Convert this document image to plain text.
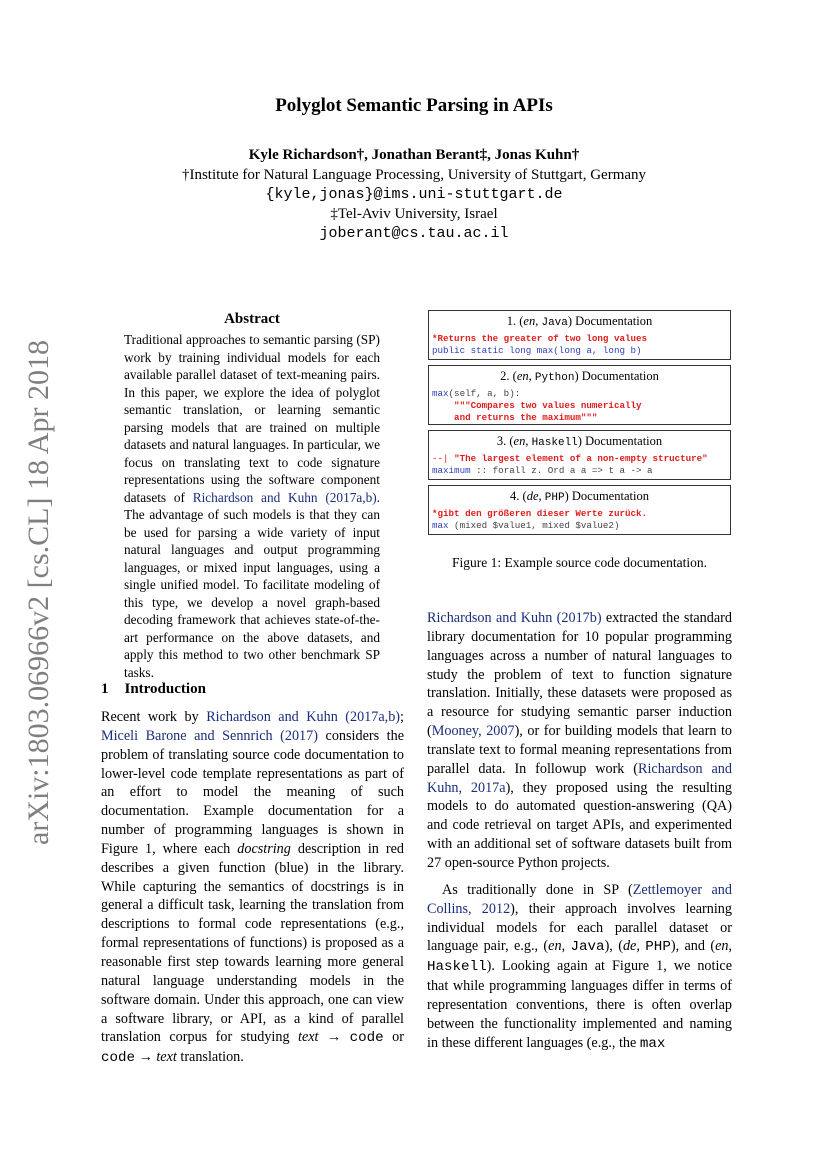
arXiv:1803.06966v2 [cs.CL] 18 Apr 2018
Polyglot Semantic Parsing in APIs
Kyle Richardson†, Jonathan Berant‡, Jonas Kuhn†
†Institute for Natural Language Processing, University of Stuttgart, Germany
{kyle,jonas}@ims.uni-stuttgart.de
‡Tel-Aviv University, Israel
joberant@cs.tau.ac.il
Abstract

Traditional approaches to semantic parsing (SP) work by training individual models for each available parallel dataset of text-meaning pairs. In this paper, we explore the idea of polyglot semantic translation, or learning semantic parsing models that are trained on multiple datasets and natural languages. In particular, we focus on translating text to code signature representations using the software component datasets of Richardson and Kuhn (2017a,b). The advantage of such models is that they can be used for parsing a wide variety of input natural languages and output programming languages, or mixed input languages, using a single unified model. To facilitate modeling of this type, we develop a novel graph-based decoding framework that achieves state-of-the-art performance on the above datasets, and apply this method to two other benchmark SP tasks.

1 Introduction

Recent work by Richardson and Kuhn (2017a,b); Miceli Barone and Sennrich (2017) considers the problem of translating source code documentation to lower-level code template representations as part of an effort to model the meaning of such documentation. Example documentation for a number of programming languages is shown in Figure 1, where each docstring description in red describes a given function (blue) in the library. While capturing the semantics of docstrings is in general a difficult task, learning the translation from descriptions to formal code representations (e.g., formal representations of functions) is proposed as a reasonable first step towards learning more general natural language understanding models in the software domain. Under this approach, one can view a software library, or API, as a kind of parallel translation corpus for studying text → code or code → text translation.

1. (en, Java) Documentation
*Returns the greater of two long values
public static long max(long a, long b)
2. (en, Python) Documentation
max(self, a, b):
"""Compares two values numerically
and returns the maximum"""
3. (en, Haskell) Documentation
--| "The largest element of a non-empty structure"
maximum :: forall z. Ord a a => t a -> a
4. (de, PHP) Documentation
*gibt den größeren dieser Werte zurück.
max (mixed $value1, mixed $value2)
Figure 1: Example source code documentation.

Richardson and Kuhn (2017b) extracted the standard library documentation for 10 popular programming languages across a number of natural languages to study the problem of text to function signature translation. Initially, these datasets were proposed as a resource for studying semantic parser induction (Mooney, 2007), or for building models that learn to translate text to formal meaning representations from parallel data. In followup work (Richardson and Kuhn, 2017a), they proposed using the resulting models to do automated question-answering (QA) and code retrieval on target APIs, and experimented with an additional set of software datasets built from 27 open-source Python projects.

As traditionally done in SP (Zettlemoyer and Collins, 2012), their approach involves learning individual models for each parallel dataset or language pair, e.g., (en, Java), (de, PHP), and (en, Haskell). Looking again at Figure 1, we notice that while programming languages differ in terms of representation conventions, there is often overlap between the functionality implemented and naming in these different languages (e.g., the max
